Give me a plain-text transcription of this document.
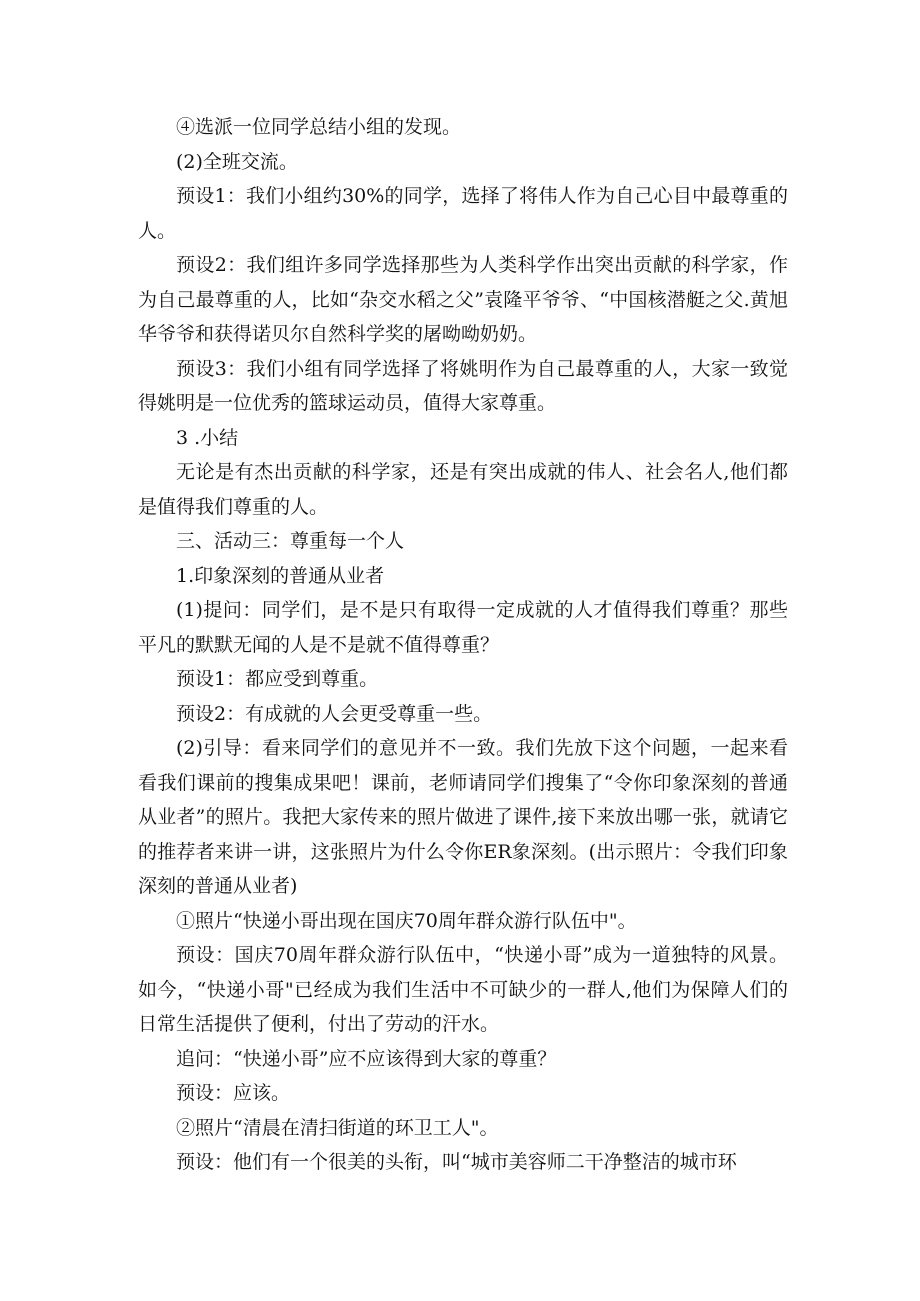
④选派一位同学总结小组的发现。

(2)全班交流。

预设1：我们小组约30%的同学，选择了将伟人作为自己心目中最尊重的人。

预设2：我们组许多同学选择那些为人类科学作出突出贡献的科学家，作为自己最尊重的人，比如“杂交水稻之父”袁隆平爷爷、“中国核潜艇之父.黄旭华爷爷和获得诺贝尔自然科学奖的屠呦呦奶奶。

预设3：我们小组有同学选择了将姚明作为自己最尊重的人，大家一致觉得姚明是一位优秀的篮球运动员，值得大家尊重。

3 .小结

无论是有杰出贡献的科学家，还是有突出成就的伟人、社会名人,他们都是值得我们尊重的人。

三、活动三：尊重每一个人

1.印象深刻的普通从业者

(1)提问：同学们，是不是只有取得一定成就的人才值得我们尊重？那些平凡的默默无闻的人是不是就不值得尊重？

预设1：都应受到尊重。

预设2：有成就的人会更受尊重一些。

(2)引导：看来同学们的意见并不一致。我们先放下这个问题，一起来看看我们课前的搜集成果吧！课前，老师请同学们搜集了“令你印象深刻的普通从业者”的照片。我把大家传来的照片做进了课件,接下来放出哪一张，就请它的推荐者来讲一讲，这张照片为什么令你ER象深刻。(出示照片：令我们印象深刻的普通从业者)

①照片“快递小哥出现在国庆70周年群众游行队伍中"。

预设：国庆70周年群众游行队伍中，“快递小哥”成为一道独特的风景。如今，“快递小哥"已经成为我们生活中不可缺少的一群人,他们为保障人们的日常生活提供了便利，付出了劳动的汗水。

追问：“快递小哥”应不应该得到大家的尊重？

预设：应该。

②照片“清晨在清扫街道的环卫工人"。

预设：他们有一个很美的头衔，叫“城市美容师二干净整洁的城市环
